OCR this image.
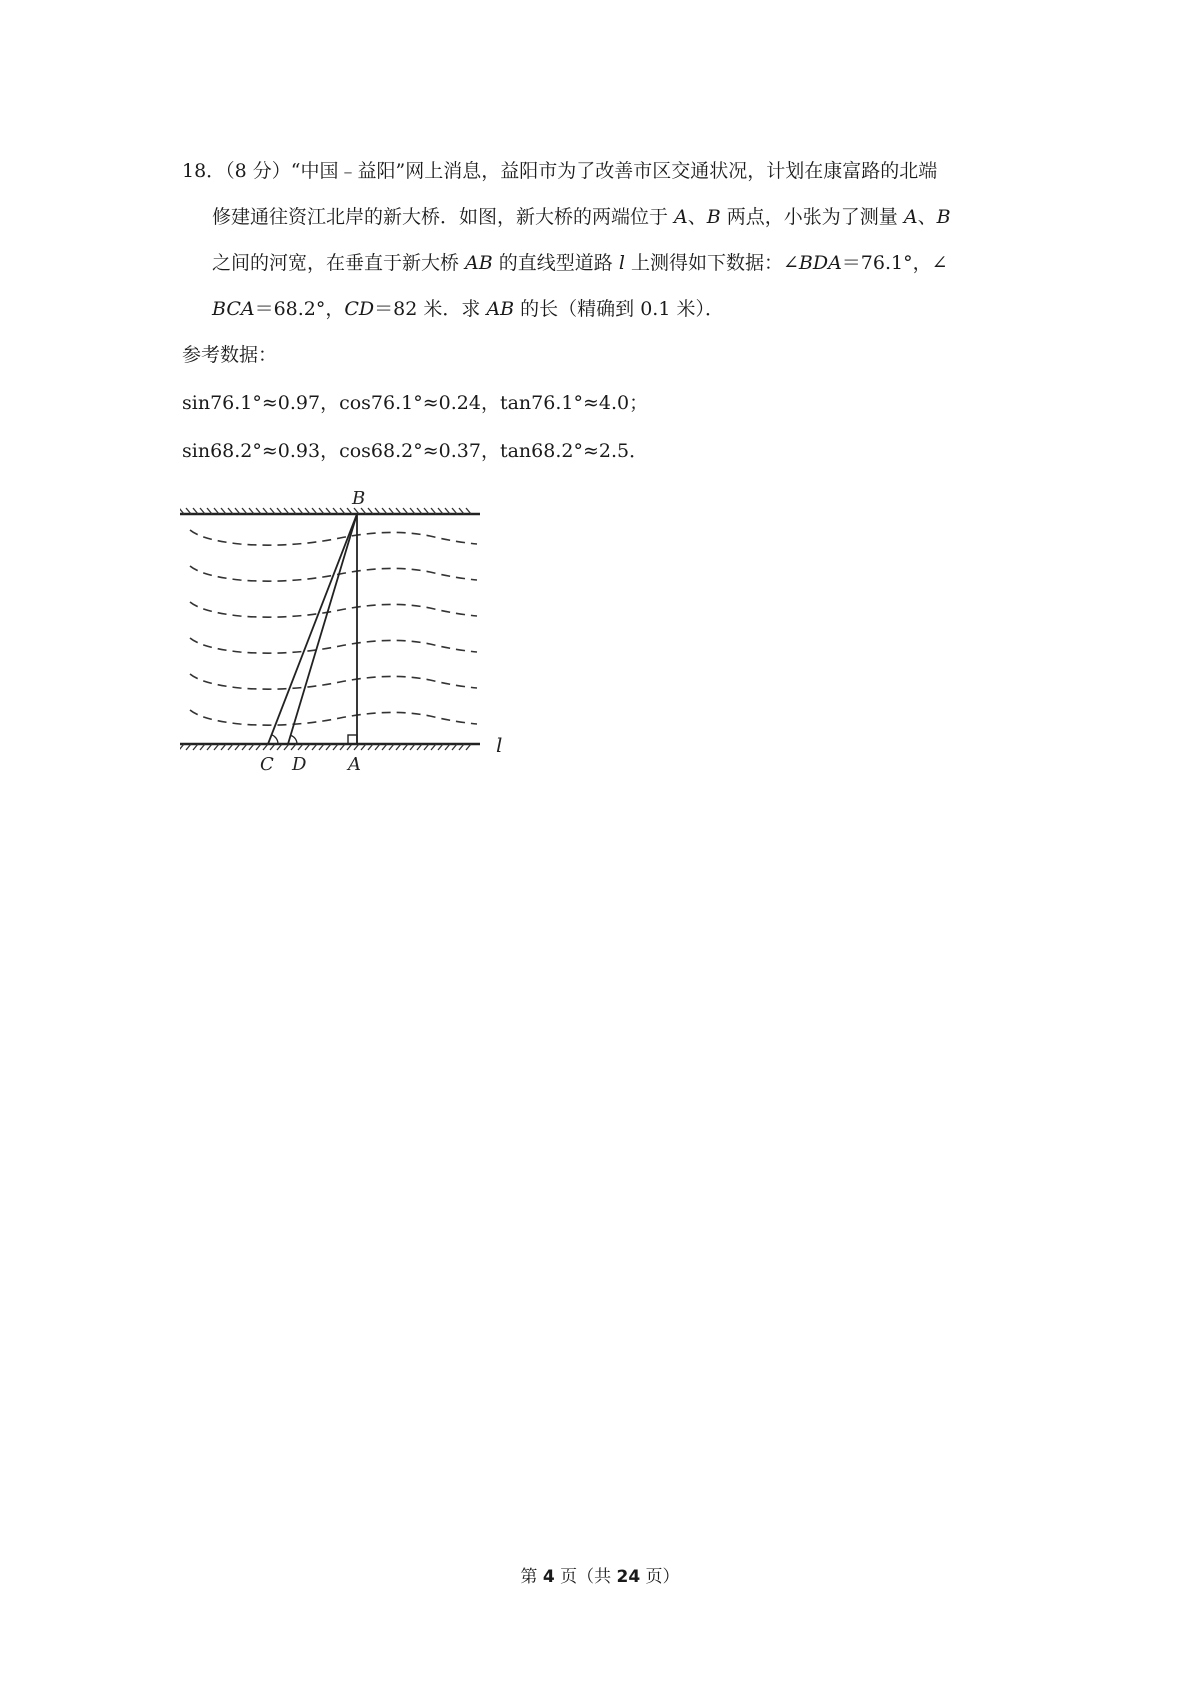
18．（8 分）“中国﹣益阳”网上消息，益阳市为了改善市区交通状况，计划在康富路的北端
修建通往资江北岸的新大桥．如图，新大桥的两端位于 A、B 两点，小张为了测量 A、B
之间的河宽，在垂直于新大桥 AB 的直线型道路 l 上测得如下数据：∠BDA＝76.1°，∠
BCA＝68.2°，CD＝82 米．求 AB 的长（精确到 0.1 米）．
参考数据：
sin76.1°≈0.97，cos76.1°≈0.24，tan76.1°≈4.0；
sin68.2°≈0.93，cos68.2°≈0.37，tan68.2°≈2.5．
B
C D A
l
第 4 页（共 24 页）
